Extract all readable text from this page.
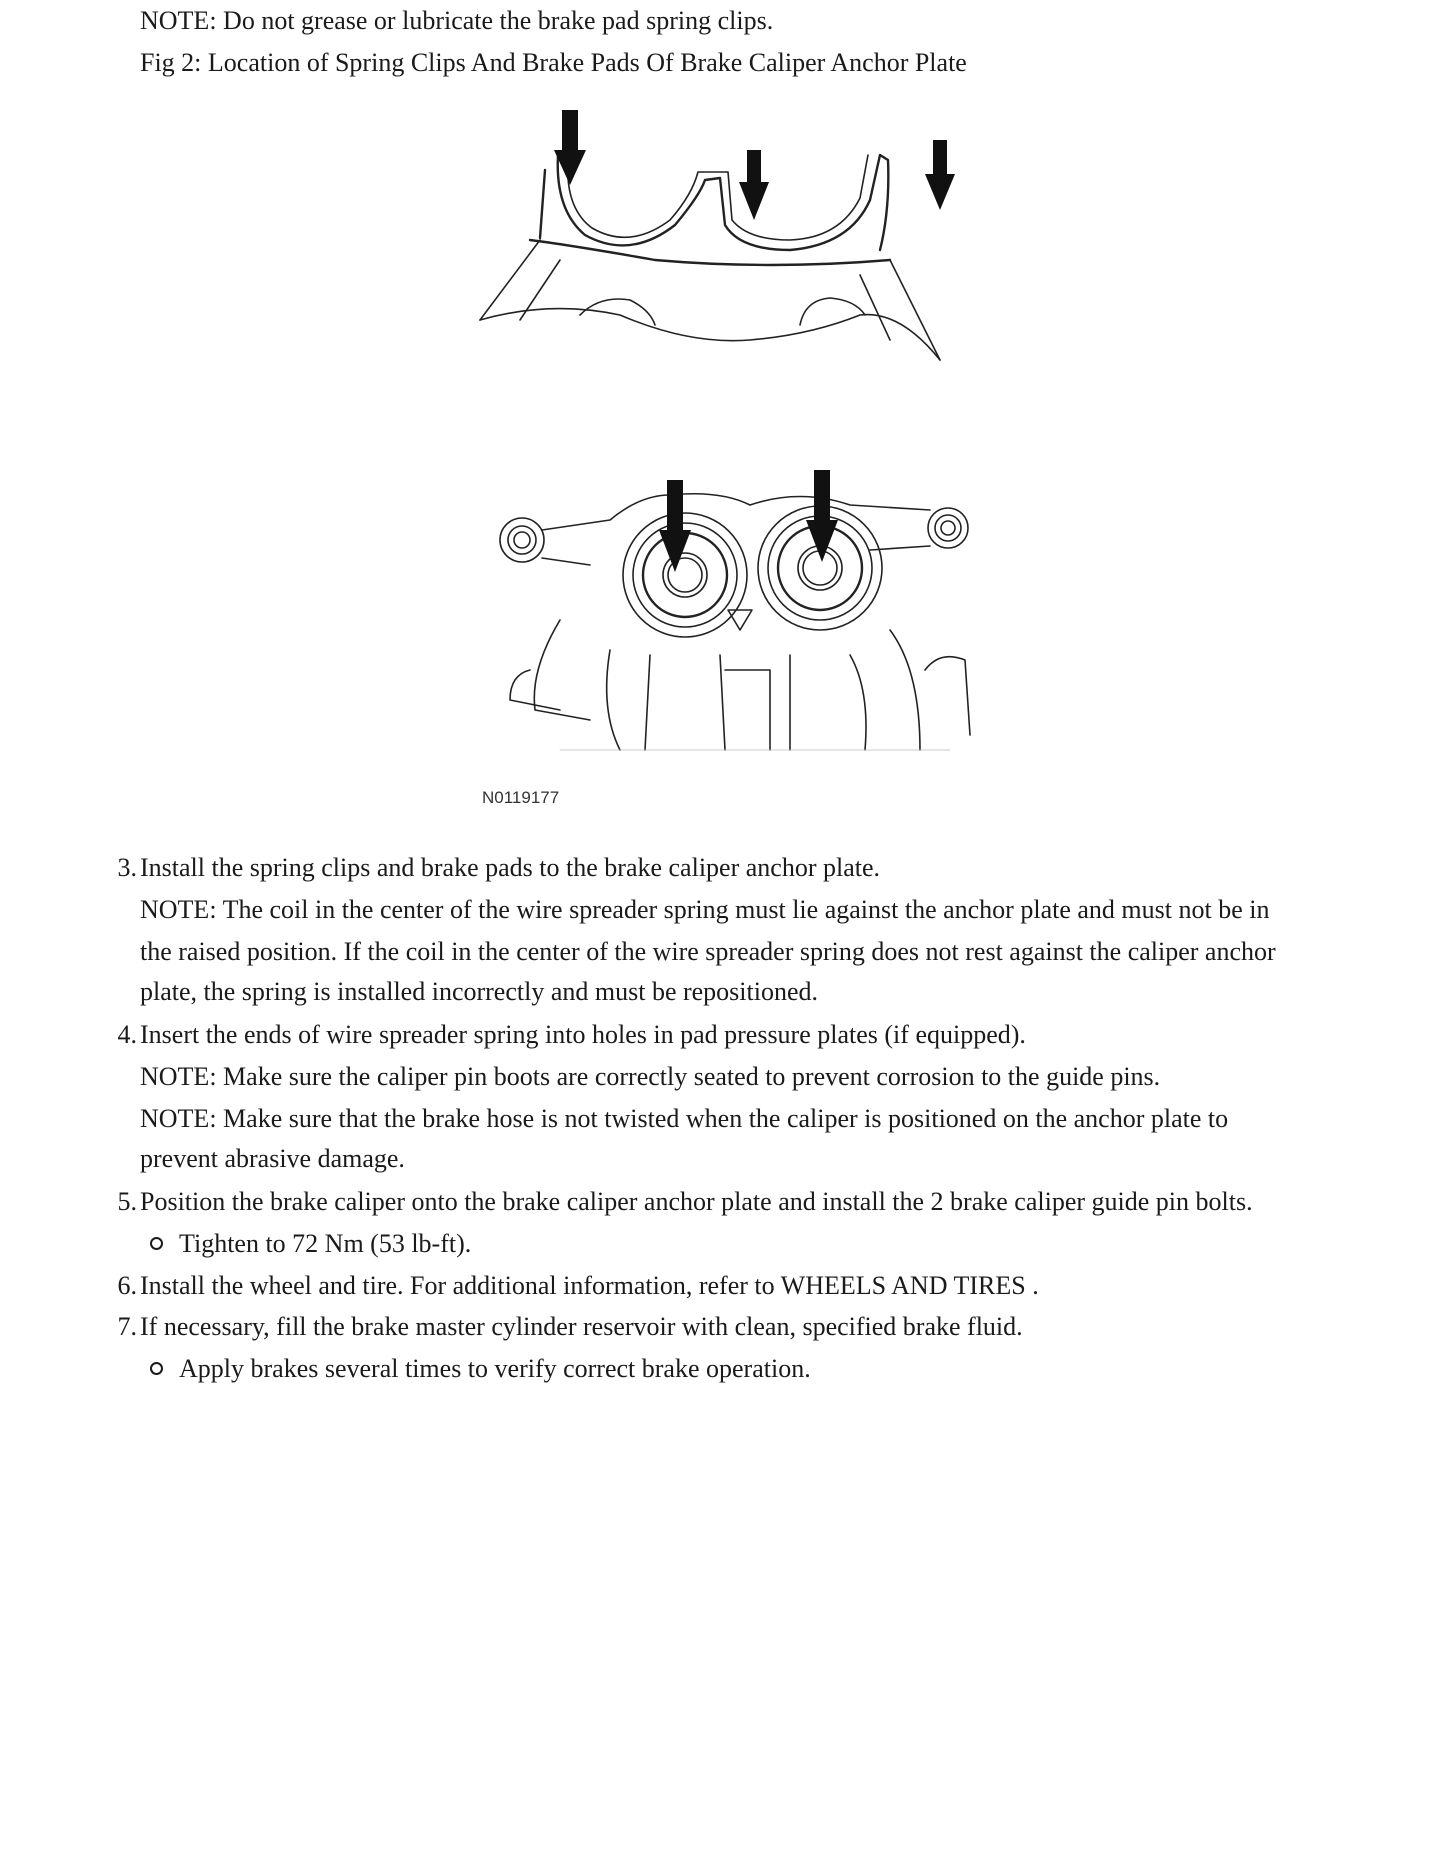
NOTE: Do not grease or lubricate the brake pad spring clips.
Fig 2: Location of Spring Clips And Brake Pads Of Brake Caliper Anchor Plate
N0119177
3. Install the spring clips and brake pads to the brake caliper anchor plate.
NOTE: The coil in the center of the wire spreader spring must lie against the anchor plate and must not be in
the raised position. If the coil in the center of the wire spreader spring does not rest against the caliper anchor
plate, the spring is installed incorrectly and must be repositioned.
4. Insert the ends of wire spreader spring into holes in pad pressure plates (if equipped).
NOTE: Make sure the caliper pin boots are correctly seated to prevent corrosion to the guide pins.
NOTE: Make sure that the brake hose is not twisted when the caliper is positioned on the anchor plate to
prevent abrasive damage.
5. Position the brake caliper onto the brake caliper anchor plate and install the 2 brake caliper guide pin bolts.
Tighten to 72 Nm (53 lb-ft).
6. Install the wheel and tire. For additional information, refer to WHEELS AND TIRES .
7. If necessary, fill the brake master cylinder reservoir with clean, specified brake fluid.
Apply brakes several times to verify correct brake operation.
